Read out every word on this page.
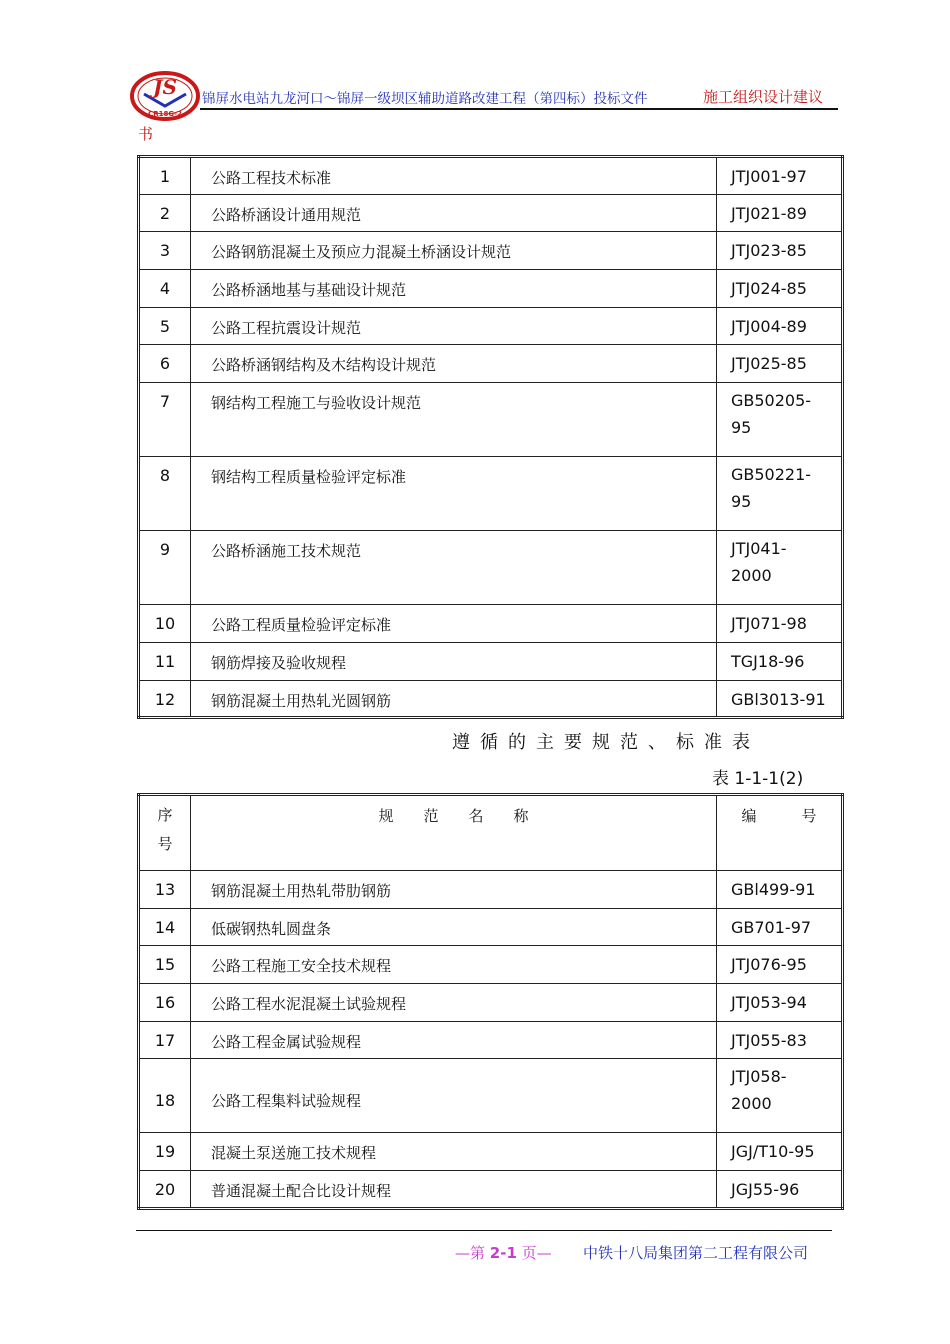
JS
CR18G-2
锦屏水电站九龙河口～锦屏一级坝区辅助道路改建工程（第四标）投标文件	施工组织设计建议
书
1	公路工程技术标准	JTJ001-97

2	公路桥涵设计通用规范	JTJ021-89

3	公路钢筋混凝土及预应力混凝土桥涵设计规范	JTJ023-85

4	公路桥涵地基与基础设计规范	JTJ024-85

5	公路工程抗震设计规范	JTJ004-89

6	公路桥涵钢结构及木结构设计规范	JTJ025-85

7	钢结构工程施工与验收设计规范	GB50205-
95

8	钢结构工程质量检验评定标准	GB50221-
95

9	公路桥涵施工技术规范	JTJ041-
2000

10	公路工程质量检验评定标准	JTJ071-98

11	钢筋焊接及验收规程	TGJ18-96

12	钢筋混凝土用热轧光圆钢筋	GBl3013-91
遵循的主要规范、标准表
表 1-1-1(2)
序
号	规　　范　　名　　称	编　　　号
13	钢筋混凝土用热轧带肋钢筋	GBl499-91

14	低碳钢热轧圆盘条	GB701-97

15	公路工程施工安全技术规程	JTJ076-95

16	公路工程水泥混凝土试验规程	JTJ053-94

17	公路工程金属试验规程	JTJ055-83

18	公路工程集料试验规程	JTJ058-
2000

19	混凝土泵送施工技术规程	JGJ/T10-95

20	普通混凝土配合比设计规程	JGJ55-96
—第 2-1 页— 中铁十八局集团第二工程有限公司
